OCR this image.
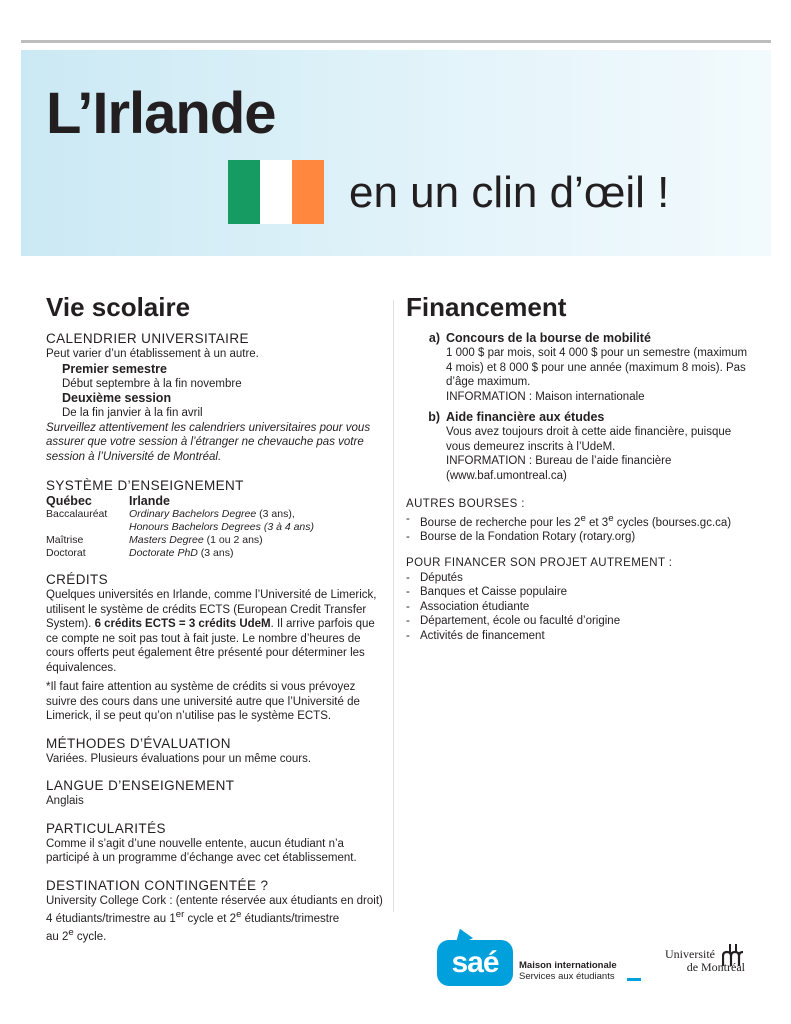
L’Irlande
en un clin d’œil !
Vie scolaire
CALENDRIER UNIVERSITAIRE

Peut varier d’un établissement à un autre.

Premier semestre

Début septembre à la fin novembre

Deuxième session

De la fin janvier à la fin avril

Surveillez attentivement les calendriers universitaires pour vous assurer que votre session à l’étranger ne chevauche pas votre session à l’Université de Montréal.

SYSTÈME D’ENSEIGNEMENT
Québec	Irlande
Baccalauréat	Ordinary Bachelors Degree (3 ans),
Honours Bachelors Degrees (3 à 4 ans)
Maîtrise	Masters Degree (1 ou 2 ans)
Doctorat	Doctorate PhD (3 ans)
CRÉDITS

Quelques universités en Irlande, comme l’Université de Limerick, utilisent le système de crédits ECTS (European Credit Transfer System). 6 crédits ECTS = 3 crédits UdeM. Il arrive parfois que ce compte ne soit pas tout à fait juste. Le nombre d’heures de cours offerts peut également être présenté pour déterminer les équivalences.

*Il faut faire attention au système de crédits si vous prévoyez suivre des cours dans une université autre que l’Université de Limerick, il se peut qu’on n’utilise pas le système ECTS.

MÉTHODES D’ÉVALUATION

Variées. Plusieurs évaluations pour un même cours.

LANGUE D’ENSEIGNEMENT

Anglais

PARTICULARITÉS

Comme il s’agit d’une nouvelle entente, aucun étudiant n’a participé à un programme d’échange avec cet établissement.

DESTINATION CONTINGENTÉE ?

University College Cork : (entente réservée aux étudiants en droit)

4 étudiants/trimestre au 1er cycle et 2e étudiants/trimestre

au 2e cycle.

Financement
a) Concours de la bourse de mobilité

1 000 $ par mois, soit 4 000 $ pour un semestre (maximum 4 mois) et 8 000 $ pour une année (maximum 8 mois). Pas d’âge maximum.

INFORMATION : Maison internationale

b) Aide financière aux études

Vous avez toujours droit à cette aide financière, puisque vous demeurez inscrits à l’UdeM.

INFORMATION : Bureau de l’aide financière (www.baf.umontreal.ca)

AUTRES BOURSES :

- Bourse de recherche pour les 2e et 3e cycles (bourses.gc.ca)
- Bourse de la Fondation Rotary (rotary.org)

POUR FINANCER SON PROJET AUTREMENT :

- Députés
- Banques et Caisse populaire
- Association étudiante
- Département, école ou faculté d’origine
- Activités de financement
saé	Maison internationale
Services aux étudiants
Université
de Montréal
